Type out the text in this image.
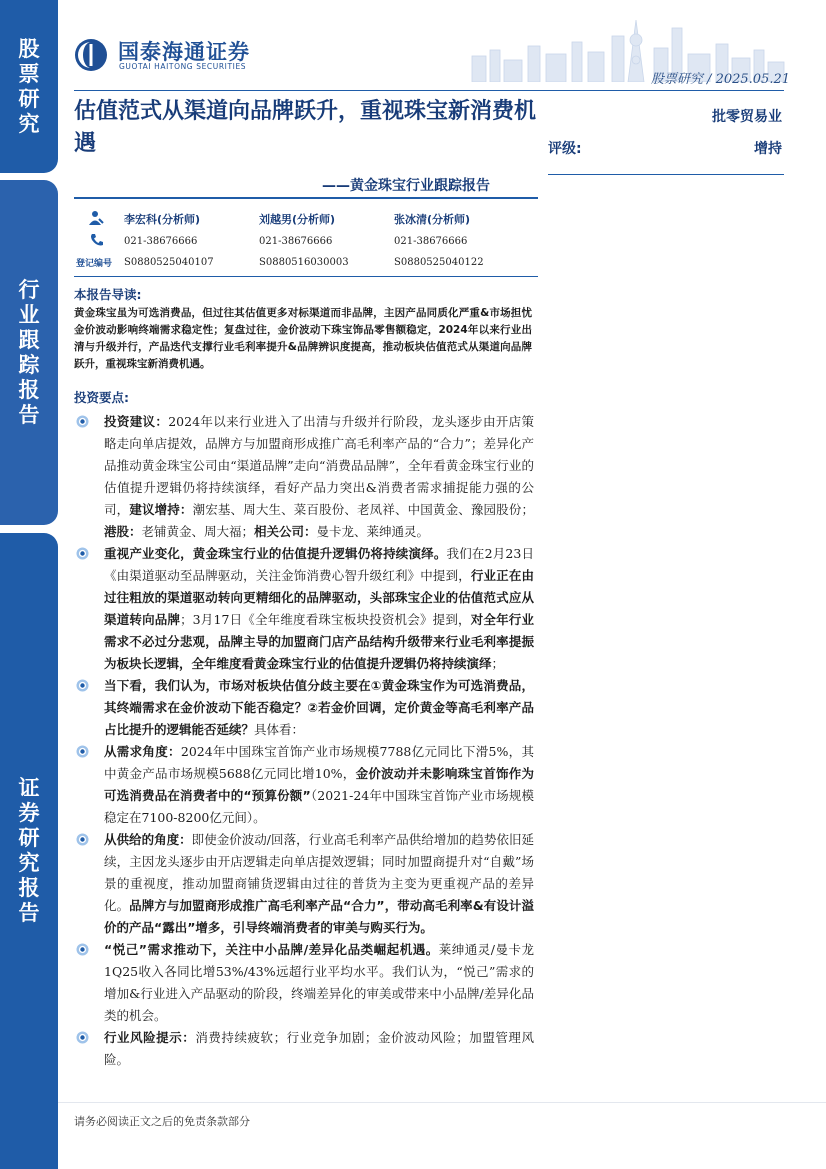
股
票
研
究
行
业
跟
踪
报
告
证
券
研
究
报
告
国泰海通证券
GUOTAI HAITONG SECURITIES
股票研究 / 2025.05.21
估值范式从渠道向品牌跃升，重视珠宝新消费机遇
——黄金珠宝行业跟踪报告
批零贸易业
评级:	增持
登记编号
李宏科(分析师)	刘越男(分析师)	张冰清(分析师)
021-38676666	021-38676666	021-38676666
S0880525040107	S0880516030003	S0880525040122
本报告导读:
黄金珠宝虽为可选消费品，但过往其估值更多对标渠道而非品牌，主因产品同质化严重&市场担忧金价波动影响终端需求稳定性；复盘过往，金价波动下珠宝饰品零售额稳定，2024年以来行业出清与升级并行，产品迭代支撑行业毛利率提升&品牌辨识度提高，推动板块估值范式从渠道向品牌跃升，重视珠宝新消费机遇。
投资要点:

投资建议：2024年以来行业进入了出清与升级并行阶段，龙头逐步由开店策略走向单店提效，品牌方与加盟商形成推广高毛利率产品的“合力”；差异化产品推动黄金珠宝公司由“渠道品牌”走向“消费品品牌”，全年看黄金珠宝行业的估值提升逻辑仍将持续演绎，看好产品力突出&消费者需求捕捉能力强的公司，建议增持：潮宏基、周大生、菜百股份、老凤祥、中国黄金、豫园股份；港股：老铺黄金、周大福；相关公司：曼卡龙、莱绅通灵。

重视产业变化，黄金珠宝行业的估值提升逻辑仍将持续演绎。我们在2月23日《由渠道驱动至品牌驱动，关注金饰消费心智升级红利》中提到，行业正在由过往粗放的渠道驱动转向更精细化的品牌驱动，头部珠宝企业的估值范式应从渠道转向品牌；3月17日《全年维度看珠宝板块投资机会》提到，对全年行业需求不必过分悲观，品牌主导的加盟商门店产品结构升级带来行业毛利率提振为板块长逻辑，全年维度看黄金珠宝行业的估值提升逻辑仍将持续演绎；

当下看，我们认为，市场对板块估值分歧主要在①黄金珠宝作为可选消费品，其终端需求在金价波动下能否稳定？②若金价回调，定价黄金等高毛利率产品占比提升的逻辑能否延续？具体看：

从需求角度：2024年中国珠宝首饰产业市场规模7788亿元同比下滑5%，其中黄金产品市场规模5688亿元同比增10%，金价波动并未影响珠宝首饰作为可选消费品在消费者中的“预算份额”（2021-24年中国珠宝首饰产业市场规模稳定在7100-8200亿元间）。

从供给的角度：即使金价波动/回落，行业高毛利率产品供给增加的趋势依旧延续，主因龙头逐步由开店逻辑走向单店提效逻辑；同时加盟商提升对“自戴”场景的重视度，推动加盟商铺货逻辑由过往的普货为主变为更重视产品的差异化。品牌方与加盟商形成推广高毛利率产品“合力”，带动高毛利率&有设计溢价的产品“露出”增多，引导终端消费者的审美与购买行为。

“悦己”需求推动下，关注中小品牌/差异化品类崛起机遇。莱绅通灵/曼卡龙1Q25收入各同比增53%/43%远超行业平均水平。我们认为，“悦己”需求的增加&行业进入产品驱动的阶段，终端差异化的审美或带来中小品牌/差异化品类的机会。

行业风险提示：消费持续疲软；行业竞争加剧；金价波动风险；加盟管理风险。

请务必阅读正文之后的免责条款部分
